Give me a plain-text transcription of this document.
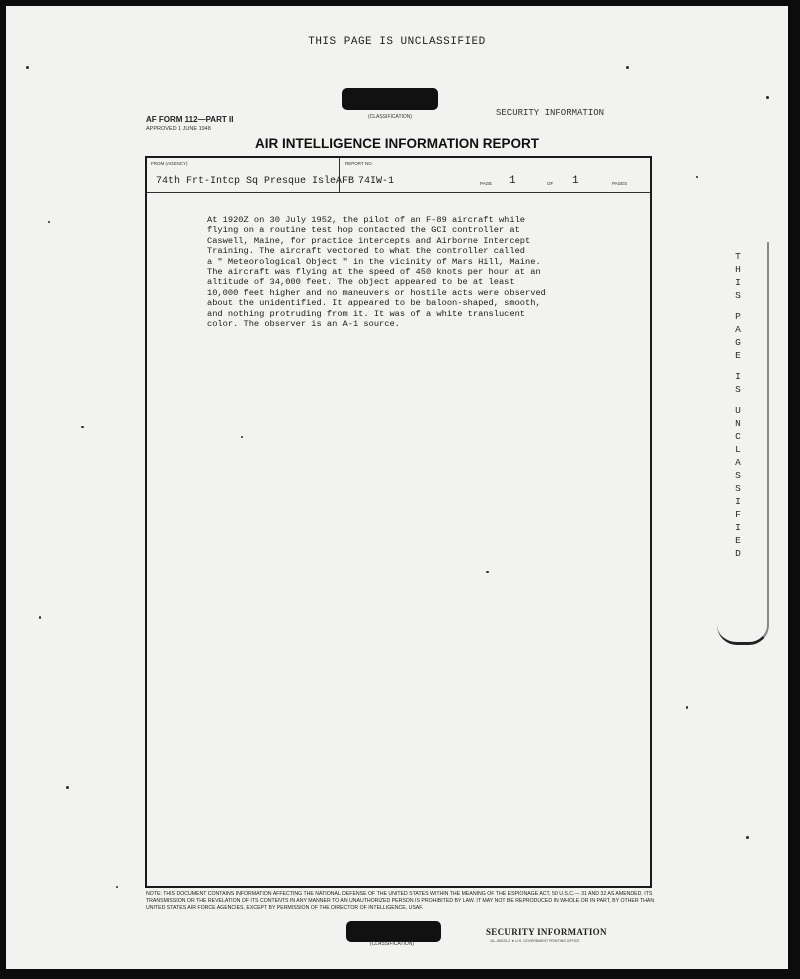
THIS PAGE IS UNCLASSIFIED
AF FORM 112—PART II
APPROVED 1 JUNE 1948
(CLASSIFICATION)	SECURITY INFORMATION
AIR INTELLIGENCE INFORMATION REPORT
FROM (AGENCY)
74th Frt-Intcp Sq Presque IsleAFB
REPORT NO.
74IW-1	PAGE 1	OF 1	PAGES
At 1920Z on 30 July 1952, the pilot of an F-89 aircraft while
flying on a routine test hop contacted the GCI controller at
Caswell, Maine, for practice intercepts and Airborne Intercept
Training. The aircraft vectored to what the controller called
a " Meteorological Object " in the vicinity of Mars Hill, Maine.
The aircraft was flying at the speed of 450 knots per hour at an
altitude of 34,000 feet. The object appeared to be at least
10,000 feet higher and no maneuvers or hostile acts were observed
about the unidentified. It appeared to be baloon-shaped, smooth,
and nothing protruding from it. It was of a white translucent
color. The observer is an A-1 source.
NOTE: THIS DOCUMENT CONTAINS INFORMATION AFFECTING THE NATIONAL DEFENSE OF THE UNITED STATES WITHIN THE MEANING OF THE ESPIONAGE ACT, 50 U.S.C.— 31 AND 32 AS AMENDED. ITS TRANSMISSION OR THE REVELATION OF ITS CONTENTS IN ANY MANNER TO AN UNAUTHORIZED PERSON IS PROHIBITED BY LAW. IT MAY NOT BE REPRODUCED IN WHOLE OR IN PART, BY OTHER THAN UNITED STATES AIR FORCE AGENCIES, EXCEPT BY PERMISSION OF THE DIRECTOR OF INTELLIGENCE, USAF.
(CLASSIFICATION)
SECURITY INFORMATION
16—56020-2 ★ U.S. GOVERNMENT PRINTING OFFICE
T
H
I
S

P
A
G
E

I
S

U
N
C
L
A
S
S
I
F
I
E
D
